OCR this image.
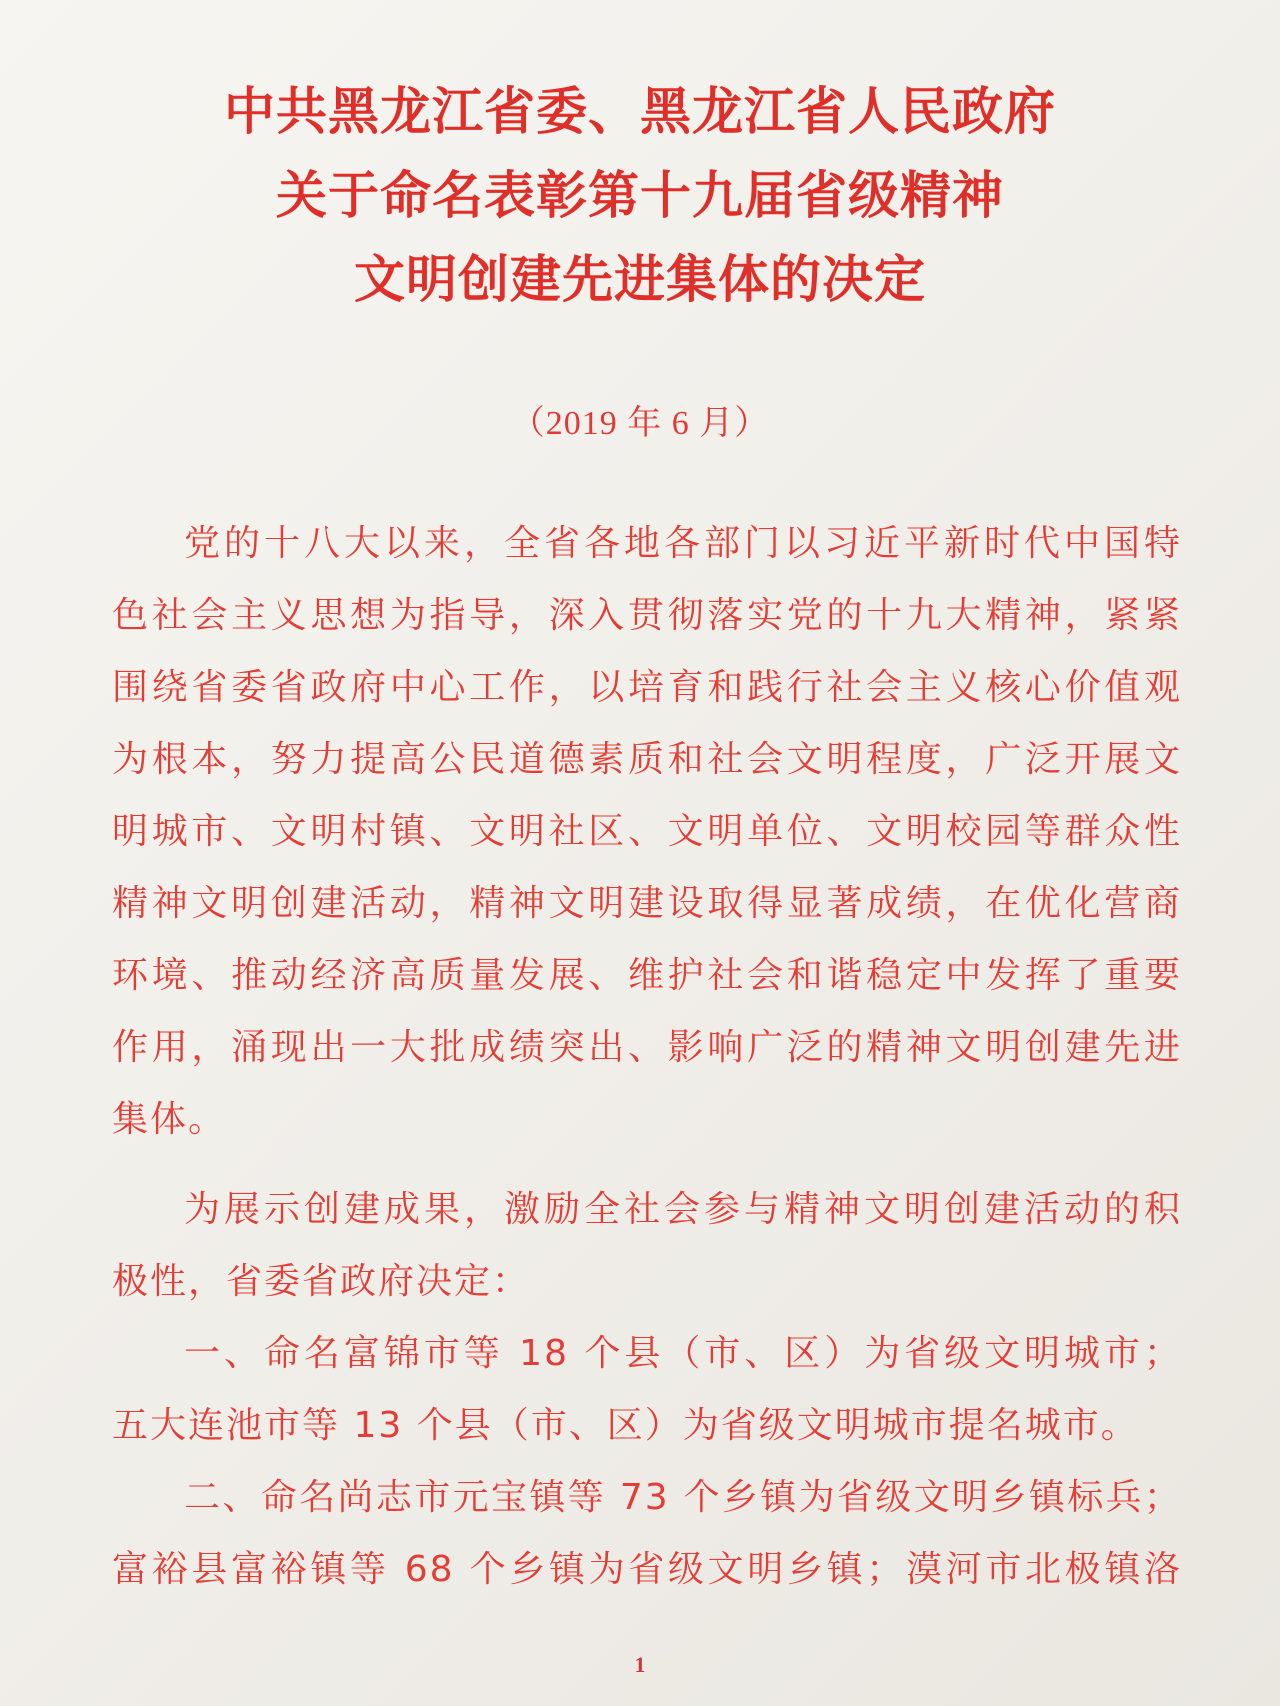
中共黑龙江省委、黑龙江省人民政府
关于命名表彰第十九届省级精神
文明创建先进集体的决定
（2019 年 6 月）
党的十八大以来，全省各地各部门以习近平新时代中国特
色社会主义思想为指导，深入贯彻落实党的十九大精神，紧紧
围绕省委省政府中心工作，以培育和践行社会主义核心价值观
为根本，努力提高公民道德素质和社会文明程度，广泛开展文
明城市、文明村镇、文明社区、文明单位、文明校园等群众性
精神文明创建活动，精神文明建设取得显著成绩，在优化营商
环境、推动经济高质量发展、维护社会和谐稳定中发挥了重要
作用，涌现出一大批成绩突出、影响广泛的精神文明创建先进
集体。
为展示创建成果，激励全社会参与精神文明创建活动的积
极性，省委省政府决定：
一、命名富锦市等 18 个县（市、区）为省级文明城市；
五大连池市等 13 个县（市、区）为省级文明城市提名城市。
二、命名尚志市元宝镇等 73 个乡镇为省级文明乡镇标兵；
富裕县富裕镇等 68 个乡镇为省级文明乡镇；漠河市北极镇洛
1
